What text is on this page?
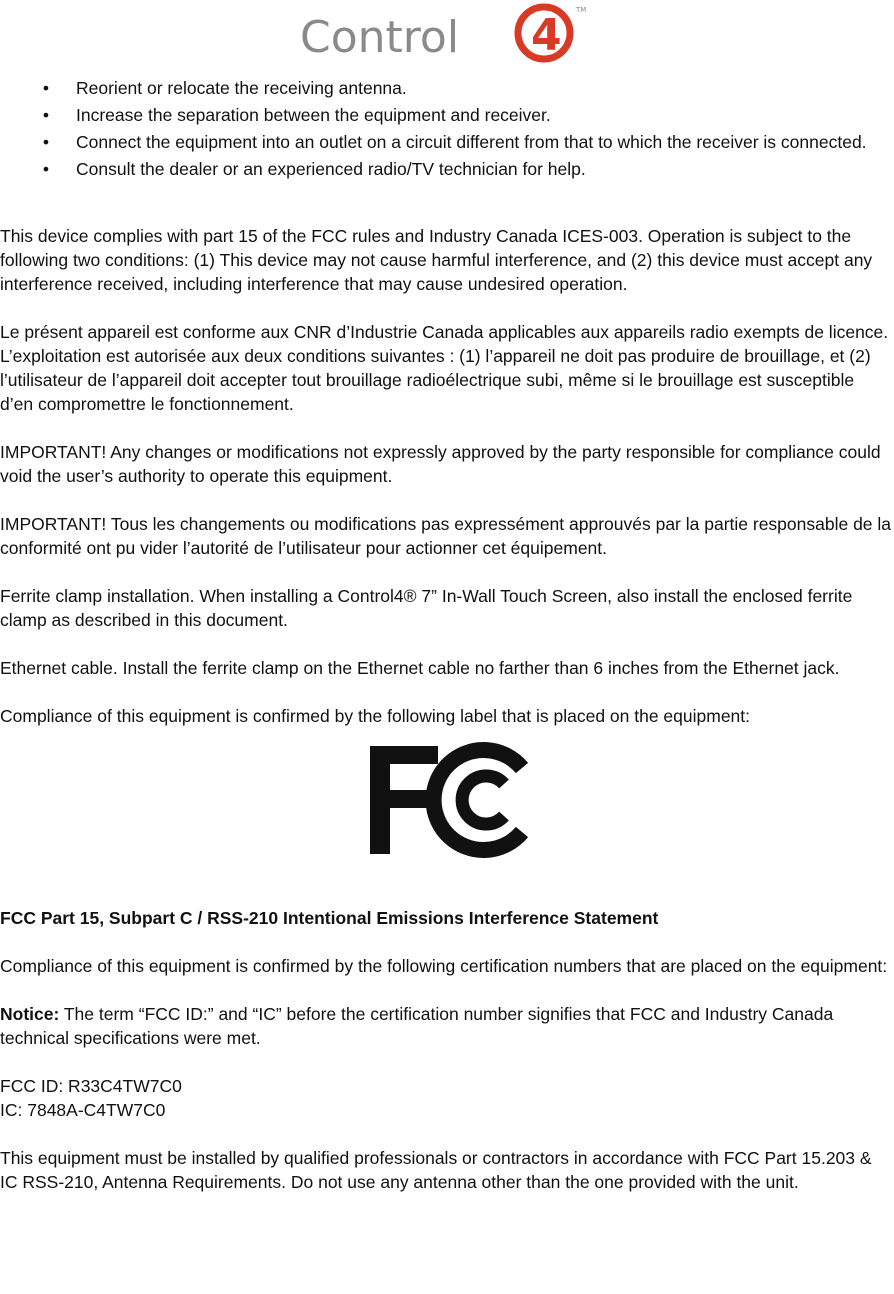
Control 4 TM
• Reorient or relocate the receiving antenna.
• Increase the separation between the equipment and receiver.
• Connect the equipment into an outlet on a circuit different from that to which the receiver is connected.
• Consult the dealer or an experienced radio/TV technician for help.

This device complies with part 15 of the FCC rules and Industry Canada ICES-003. Operation is subject to the following two conditions: (1) This device may not cause harmful interference, and (2) this device must accept any interference received, including interference that may cause undesired operation.

Le présent appareil est conforme aux CNR d’Industrie Canada applicables aux appareils radio exempts de licence. L’exploitation est autorisée aux deux conditions suivantes : (1) l’appareil ne doit pas produire de brouillage, et (2) l’utilisateur de l’appareil doit accepter tout brouillage radioélectrique subi, même si le brouillage est susceptible d’en compromettre le fonctionnement.

IMPORTANT! Any changes or modifications not expressly approved by the party responsible for compliance could void the user’s authority to operate this equipment.

IMPORTANT! Tous les changements ou modifications pas expressément approuvés par la partie responsable de la conformité ont pu vider l’autorité de l’utilisateur pour actionner cet équipement.

Ferrite clamp installation. When installing a Control4® 7” In-Wall Touch Screen, also install the enclosed ferrite clamp as described in this document.

Ethernet cable. Install the ferrite clamp on the Ethernet cable no farther than 6 inches from the Ethernet jack.

Compliance of this equipment is confirmed by the following label that is placed on the equipment:

FCC Part 15, Subpart C / RSS-210 Intentional Emissions Interference Statement

Compliance of this equipment is confirmed by the following certification numbers that are placed on the equipment:

Notice: The term “FCC ID:” and “IC” before the certification number signifies that FCC and Industry Canada technical specifications were met.

FCC ID: R33C4TW7C0

IC: 7848A-C4TW7C0

This equipment must be installed by qualified professionals or contractors in accordance with FCC Part 15.203 & IC RSS-210, Antenna Requirements. Do not use any antenna other than the one provided with the unit.
